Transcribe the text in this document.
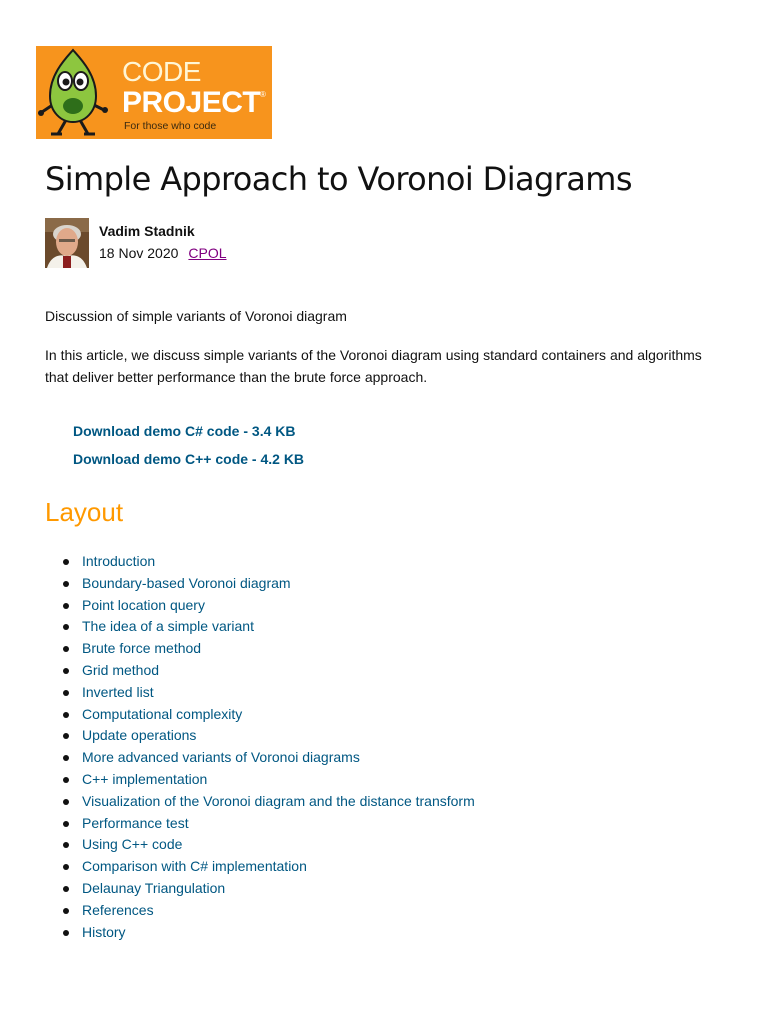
CODE
PROJECT ®
For those who code
Simple Approach to Voronoi Diagrams
Vadim Stadnik
18 Nov 2020 CPOL
Discussion of simple variants of Voronoi diagram
In this article, we discuss simple variants of the Voronoi diagram using standard containers and algorithms that deliver better performance than the brute force approach.
Download demo C# code - 3.4 KB
Download demo C++ code - 4.2 KB
Layout
Introduction
Boundary-based Voronoi diagram
Point location query
The idea of a simple variant
Brute force method
Grid method
Inverted list
Computational complexity
Update operations
More advanced variants of Voronoi diagrams
C++ implementation
Visualization of the Voronoi diagram and the distance transform
Performance test
Using C++ code
Comparison with C# implementation
Delaunay Triangulation
References
History
